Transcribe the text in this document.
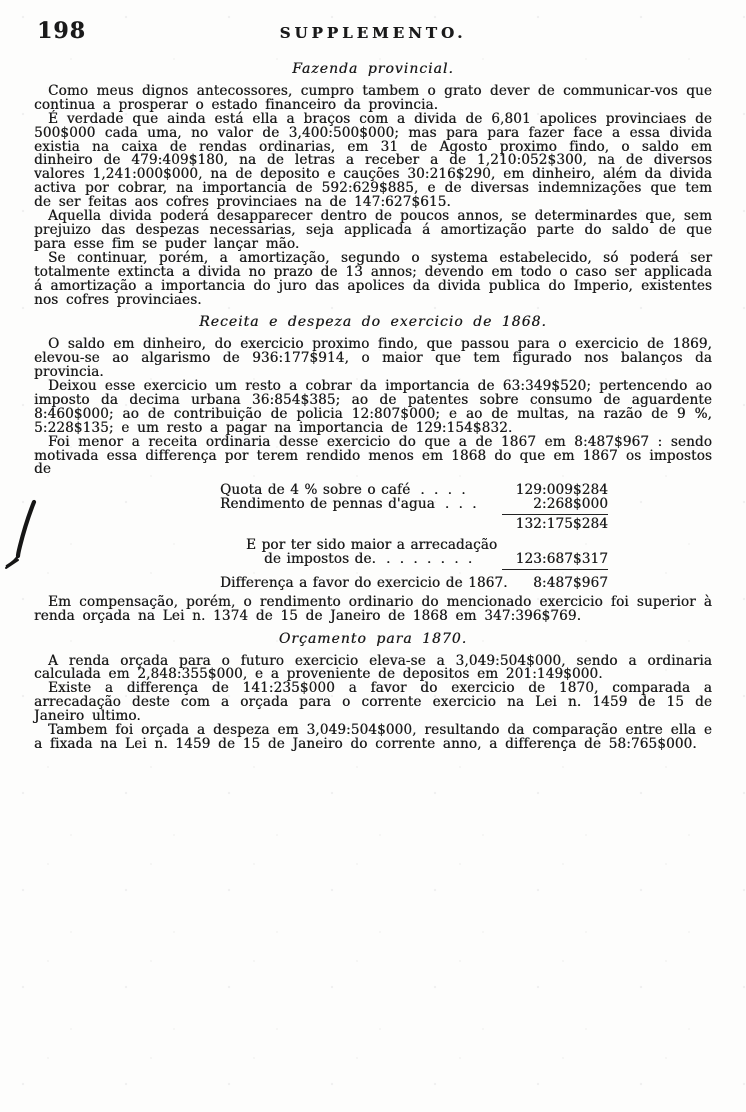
198	SUPPLEMENTO.
Fazenda provincial.

Como meus dignos antecossores, cumpro tambem o grato dever de communicar-vos que continua a prosperar o estado financeiro da provincia.

É verdade que ainda está ella a braços com a divida de 6,801 apolices provinciaes de 500$000 cada uma, no valor de 3,400:500$000; mas para para fazer face a essa divida existia na caixa de rendas ordinarias, em 31 de Agosto proximo findo, o saldo em dinheiro de 479:409$180, na de letras a receber a de 1,210:052$300, na de diversos valores 1,241:000$000, na de deposito e cauções 30:216$290, em dinheiro, além da divida activa por cobrar, na importancia de 592:629$885, e de diversas indemnizações que tem de ser feitas aos cofres provinciaes na de 147:627$615.

Aquella divida poderá desapparecer dentro de poucos annos, se determinardes que, sem prejuizo das despezas necessarias, seja applicada á amortização parte do saldo de que para esse fim se puder lançar mão.

Se continuar, porém, a amortização, segundo o systema estabelecido, só poderá ser totalmente extincta a divida no prazo de 13 annos; devendo em todo o caso ser applicada á amortização a importancia do juro das apolices da divida publica do Imperio, existentes nos cofres provinciaes.

Receita e despeza do exercicio de 1868.

O saldo em dinheiro, do exercicio proximo findo, que passou para o exercicio de 1869, elevou-se ao algarismo de 936:177$914, o maior que tem figurado nos balanços da provincia.

Deixou esse exercicio um resto a cobrar da importancia de 63:349$520; pertencendo ao imposto da decima urbana 36:854$385; ao de patentes sobre consumo de aguardente 8:460$000; ao de contribuição de policia 12:807$000; e ao de multas, na razão de 9 %, 5:228$135; e um resto a pagar na importancia de 129:154$832.

Foi menor a receita ordinaria desse exercicio do que a de 1867 em 8:487$967 : sendo motivada essa differença por terem rendido menos em 1868 do que em 1867 os impostos de

Quota de 4 % sobre o café . . . .	129:009$284
Rendimento de pennas d'agua . . .	2:268$000
132:175$284
E por ter sido maior a arrecadação
de impostos de. . . . . . . .	123:687$317
Differença a favor do exercicio de 1867.	8:487$967

Em compensação, porém, o rendimento ordinario do mencionado exercicio foi superior à renda orçada na Lei n. 1374 de 15 de Janeiro de 1868 em 347:396$769.

Orçamento para 1870.

A renda orçada para o futuro exercicio eleva-se a 3,049:504$000, sendo a ordinaria calculada em 2,848:355$000, e a proveniente de depositos em 201:149$000.

Existe a differença de 141:235$000 a favor do exercicio de 1870, comparada a arrecadação deste com a orçada para o corrente exercicio na Lei n. 1459 de 15 de Janeiro ultimo.

Tambem foi orçada a despeza em 3,049:504$000, resultando da comparação entre ella e a fixada na Lei n. 1459 de 15 de Janeiro do corrente anno, a differença de 58:765$000.
